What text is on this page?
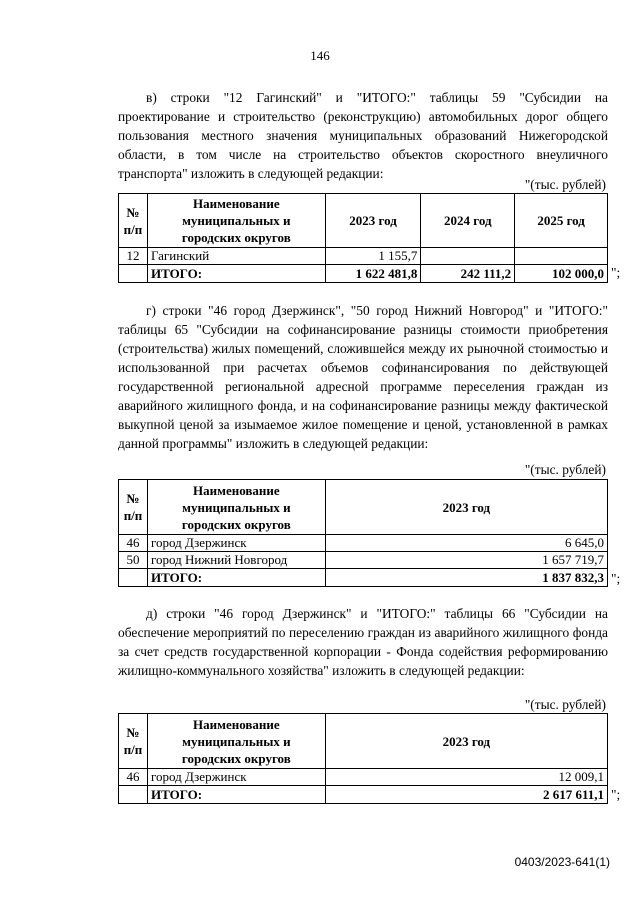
146

в) строки "12 Гагинский" и "ИТОГО:" таблицы 59 "Субсидии на проектирование и строительство (реконструкцию) автомобильных дорог общего пользования местного значения муниципальных образований Нижегородской области, в том числе на строительство объектов скоростного внеуличного транспорта" изложить в следующей редакции:

"(тыс. рублей)
№ п/п	Наименование муниципальных и городских округов	2023 год	2024 год	2025 год
12	Гагинский	1 155,7		
	ИТОГО:	1 622 481,8	242 111,2	102 000,0 ";

г) строки "46 город Дзержинск", "50 город Нижний Новгород" и "ИТОГО:" таблицы 65 "Субсидии на софинансирование разницы стоимости приобретения (строительства) жилых помещений, сложившейся между их рыночной стоимостью и использованной при расчетах объемов софинансирования по действующей государственной региональной адресной программе переселения граждан из аварийного жилищного фонда, и на софинансирование разницы между фактической выкупной ценой за изымаемое жилое помещение и ценой, установленной в рамках данной программы" изложить в следующей редакции:

"(тыс. рублей)
№ п/п	Наименование муниципальных и городских округов	2023 год
46	город Дзержинск	6 645,0
50	город Нижний Новгород	1 657 719,7
	ИТОГО:	1 837 832,3 ";

д) строки "46 город Дзержинск" и "ИТОГО:" таблицы 66 "Субсидии на обеспечение мероприятий по переселению граждан из аварийного жилищного фонда за счет средств государственной корпорации - Фонда содействия реформированию жилищно-коммунального хозяйства" изложить в следующей редакции:

"(тыс. рублей)
№ п/п	Наименование муниципальных и городских округов	2023 год
46	город Дзержинск	12 009,1
	ИТОГО:	2 617 611,1 ";
0403/2023-641(1)
